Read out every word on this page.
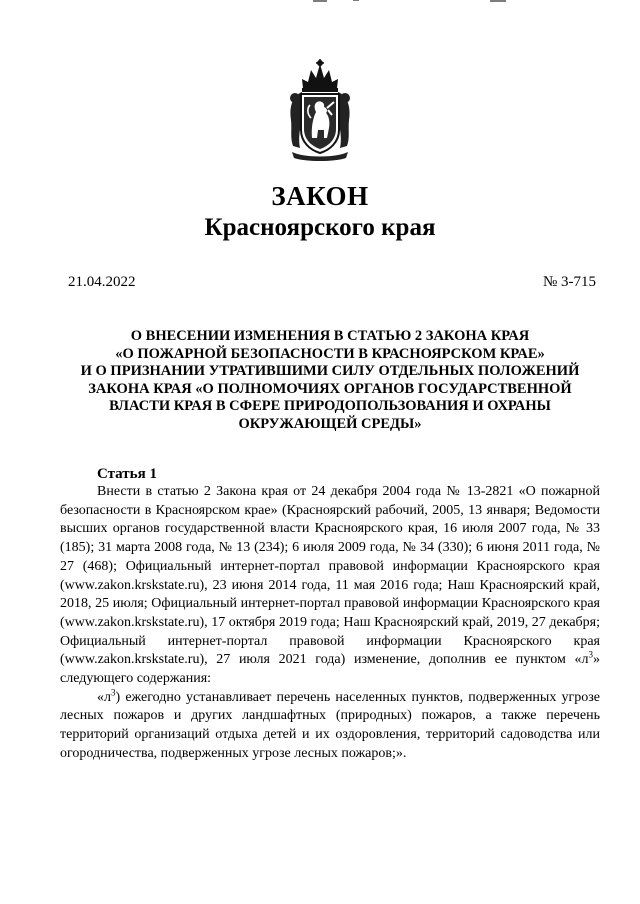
ЗАКОН
Красноярского края
21.04.2022	№ 3-715
О ВНЕСЕНИИ ИЗМЕНЕНИЯ В СТАТЬЮ 2 ЗАКОНА КРАЯ
«О ПОЖАРНОЙ БЕЗОПАСНОСТИ В КРАСНОЯРСКОМ КРАЕ»
И О ПРИЗНАНИИ УТРАТИВШИМИ СИЛУ ОТДЕЛЬНЫХ ПОЛОЖЕНИЙ
ЗАКОНА КРАЯ «О ПОЛНОМОЧИЯХ ОРГАНОВ ГОСУДАРСТВЕННОЙ
ВЛАСТИ КРАЯ В СФЕРЕ ПРИРОДОПОЛЬЗОВАНИЯ И ОХРАНЫ
ОКРУЖАЮЩЕЙ СРЕДЫ»
Статья 1

Внести в статью 2 Закона края от 24 декабря 2004 года № 13-2821 «О пожарной безопасности в Красноярском крае» (Красноярский рабочий, 2005, 13 января; Ведомости высших органов государственной власти Красноярского края, 16 июля 2007 года, № 33 (185); 31 марта 2008 года, № 13 (234); 6 июля 2009 года, № 34 (330); 6 июня 2011 года, № 27 (468); Официальный интернет-портал правовой информации Красноярского края (www.zakon.krskstate.ru), 23 июня 2014 года, 11 мая 2016 года; Наш Красноярский край, 2018, 25 июля; Официальный интернет-портал правовой информации Красноярского края (www.zakon.krskstate.ru), 17 октября 2019 года; Наш Красноярский край, 2019, 27 декабря; Официальный интернет-портал правовой информации Красноярского края (www.zakon.krskstate.ru), 27 июля 2021 года) изменение, дополнив ее пунктом «$л^3$» следующего содержания:

«$л^3$) ежегодно устанавливает перечень населенных пунктов, подверженных угрозе лесных пожаров и других ландшафтных (природных) пожаров, а также перечень территорий организаций отдыха детей и их оздоровления, территорий садоводства или огородничества, подверженных угрозе лесных пожаров;».
